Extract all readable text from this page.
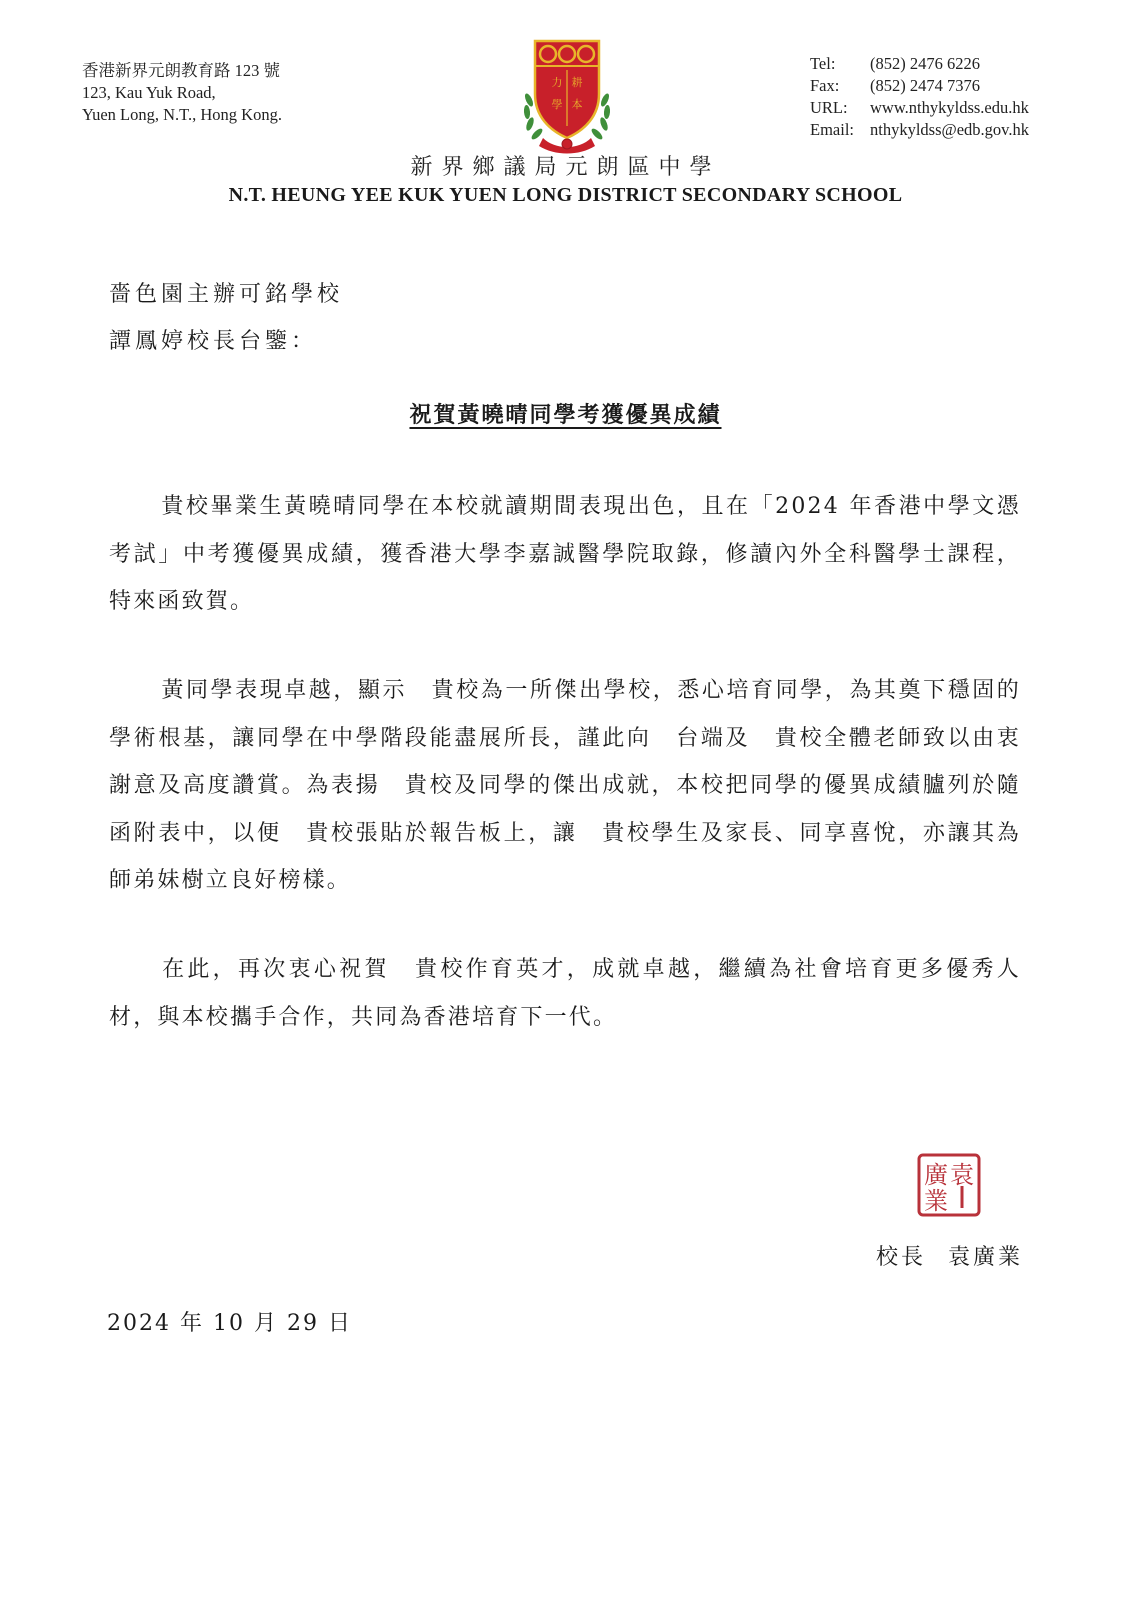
香港新界元朗教育路 123 號
123, Kau Yuk Road,
Yuen Long, N.T., Hong Kong.
力 耕
學 本
Tel:	(852) 2476 6226
Fax:	(852) 2474 7376
URL:	www.nthykyldss.edu.hk
Email: nthykyldss@edb.gov.hk
新界鄉議局元朗區中學
N.T. HEUNG YEE KUK YUEN LONG DISTRICT SECONDARY SCHOOL
嗇色園主辦可銘學校
譚鳳婷校長台鑒：
祝賀黃曉晴同學考獲優異成績
貴校畢業生黃曉晴同學在本校就讀期間表現出色，且在「2024 年香港中學文憑考試」中考獲優異成績，獲香港大學李嘉誠醫學院取錄，修讀內外全科醫學士課程，特來函致賀。
黃同學表現卓越，顯示　貴校為一所傑出學校，悉心培育同學，為其奠下穩固的學術根基，讓同學在中學階段能盡展所長，謹此向　台端及　貴校全體老師致以由衷謝意及高度讚賞。為表揚　貴校及同學的傑出成就，本校把同學的優異成績臚列於隨函附表中，以便　貴校張貼於報告板上，讓　貴校學生及家長、同享喜悅，亦讓其為師弟妹樹立良好榜樣。
在此，再次衷心祝賀　貴校作育英才，成就卓越，繼續為社會培育更多優秀人材，與本校攜手合作，共同為香港培育下一代。
袁
廣
業
校長 袁廣業
2024 年 10 月 29 日
